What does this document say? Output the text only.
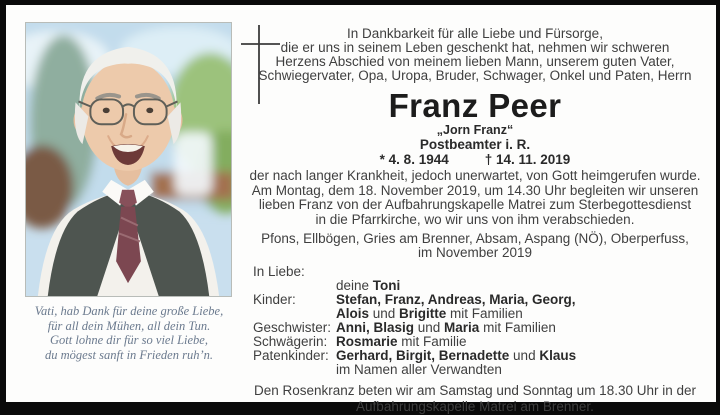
Vati, hab Dank für deine große Liebe,
für all dein Mühen, all dein Tun.
Gott lohne dir für so viel Liebe,
du mögest sanft in Frieden ruh’n.

In Dankbarkeit für alle Liebe und Fürsorge,
die er uns in seinem Leben geschenkt hat, nehmen wir schweren
Herzens Abschied von meinem lieben Mann, unserem guten Vater,
Schwiegervater, Opa, Uropa, Bruder, Schwager, Onkel und Paten, Herrn

Franz Peer
„Jorn Franz“
Postbeamter i. R.
* 4. 8. 1944	† 14. 11. 2019

der nach langer Krankheit, jedoch unerwartet, von Gott heimgerufen wurde.
Am Montag, dem 18. November 2019, um 14.30 Uhr begleiten wir unseren
lieben Franz von der Aufbahrungskapelle Matrei zum Sterbegottesdienst
in die Pfarrkirche, wo wir uns von ihm verabschieden.

Pfons, Ellbögen, Gries am Brenner, Absam, Aspang (NÖ), Oberperfuss,
im November 2019

In Liebe:
deine Toni
Kinder:	Stefan, Franz, Andreas, Maria, Georg,
Alois und Brigitte mit Familien
Geschwister: Anni, Blasig und Maria mit Familien
Schwägerin: Rosmarie mit Familie
Patenkinder: Gerhard, Birgit, Bernadette und Klaus
im Namen aller Verwandten

Den Rosenkranz beten wir am Samstag und Sonntag um 18.30 Uhr in der
Aufbahrungskapelle Matrei am Brenner.
